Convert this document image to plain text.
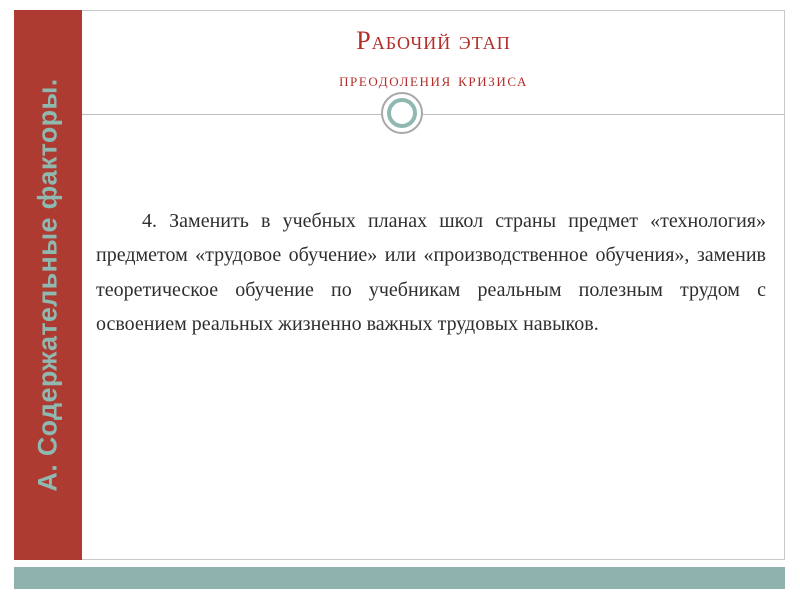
А. Содержательные факторы.
Рабочий этап
преодоления кризиса

4. Заменить в учебных планах школ страны предмет «технология» предметом «трудовое обучение» или «производственное обучения», заменив теоретическое обучение по учебникам реальным полезным трудом с освоением реальных жизненно важных трудовых навыков.
